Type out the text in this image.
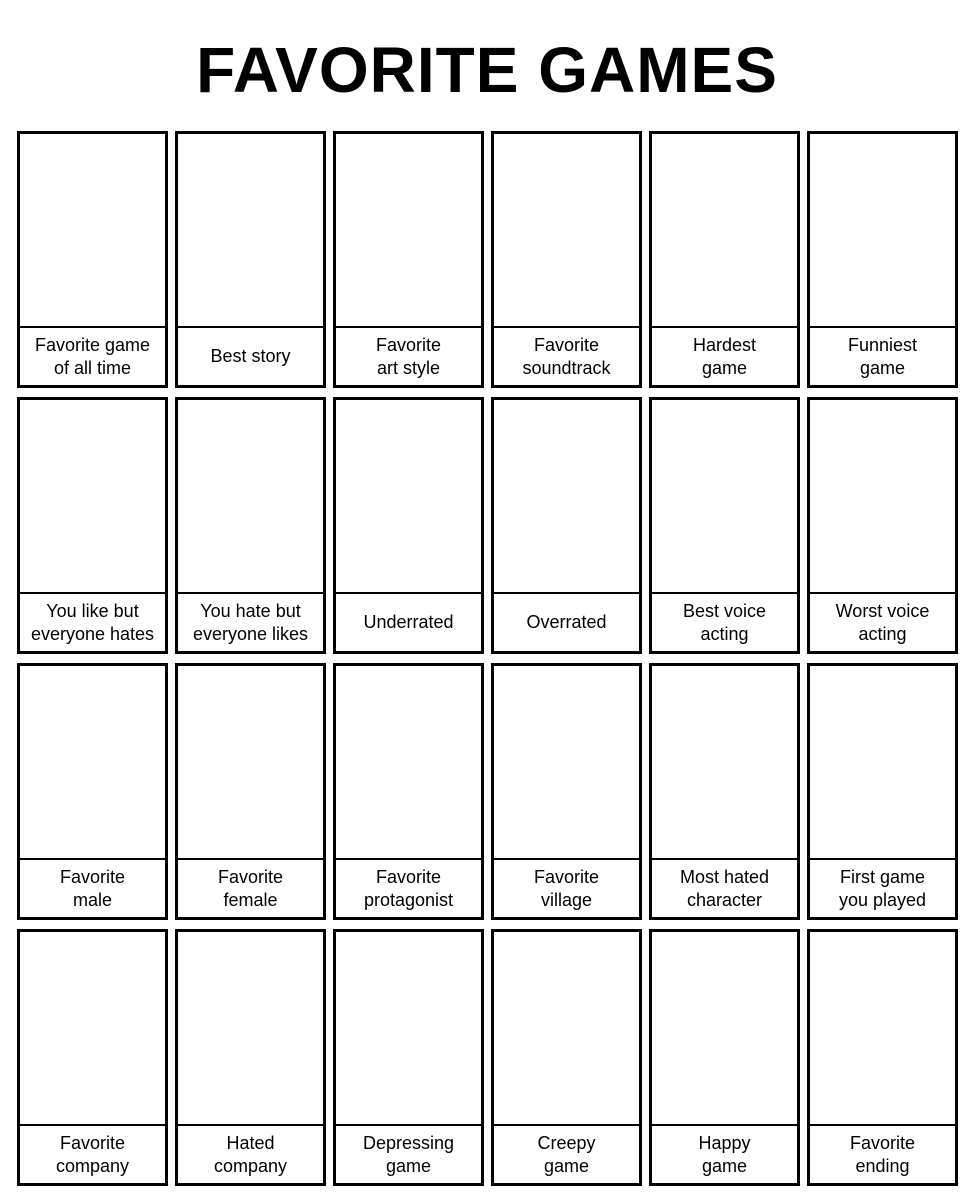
FAVORITE GAMES
Favorite game
of all time
Best story
Favorite
art style
Favorite
soundtrack
Hardest
game
Funniest
game
You like but
everyone hates
You hate but
everyone likes
Underrated	Overrated
Best voice
acting
Worst voice
acting
Favorite
male
Favorite
female
Favorite
protagonist
Favorite
village
Most hated
character
First game
you played
Favorite
company
Hated
company
Depressing
game
Creepy
game
Happy
game
Favorite
ending
